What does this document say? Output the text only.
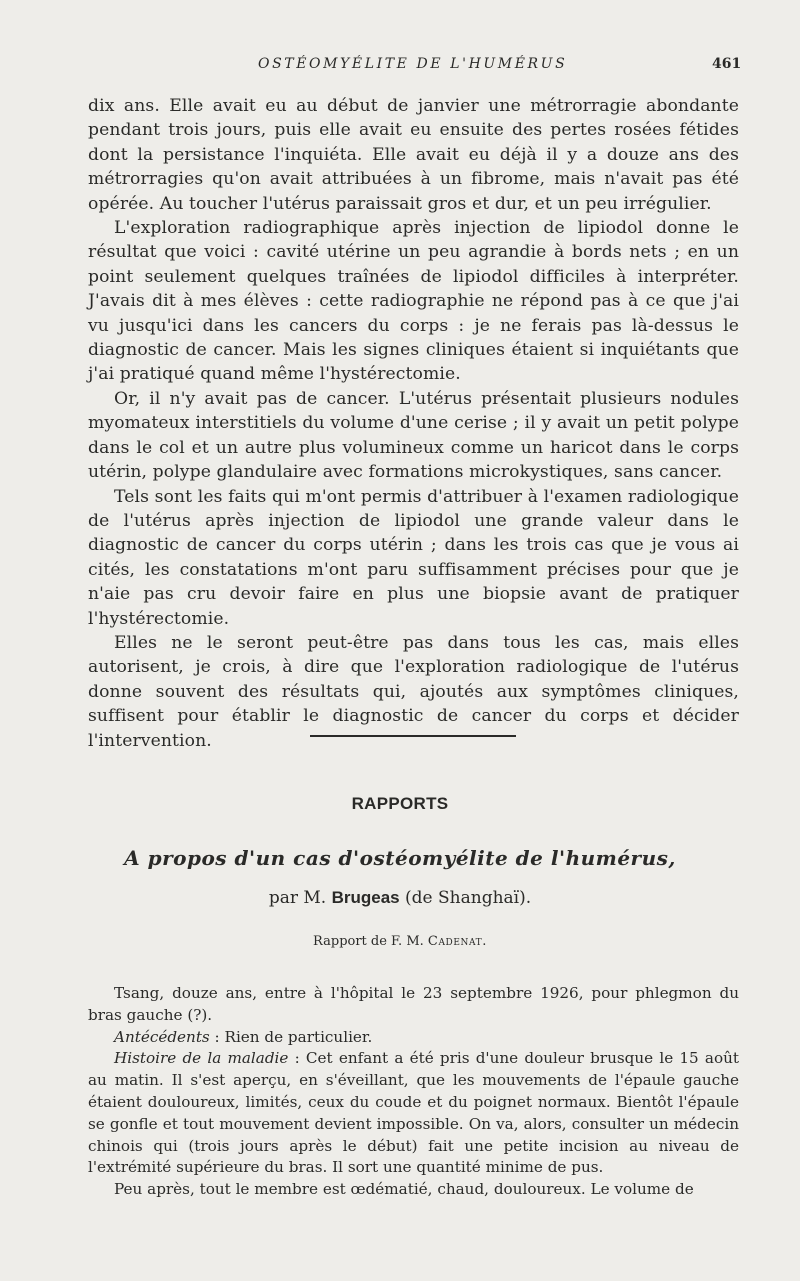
OSTÉOMYÉLITE DE L'HUMÉRUS	461

dix ans. Elle avait eu au début de janvier une métrorragie abondante pendant trois jours, puis elle avait eu ensuite des pertes rosées fétides dont la persistance l'inquiéta. Elle avait eu déjà il y a douze ans des métrorragies qu'on avait attribuées à un fibrome, mais n'avait pas été opérée. Au toucher l'utérus paraissait gros et dur, et un peu irrégulier.

L'exploration radiographique après injection de lipiodol donne le résultat que voici : cavité utérine un peu agrandie à bords nets ; en un point seulement quelques traînées de lipiodol difficiles à interpréter. J'avais dit à mes élèves : cette radiographie ne répond pas à ce que j'ai vu jusqu'ici dans les cancers du corps : je ne ferais pas là-dessus le diagnostic de cancer. Mais les signes cliniques étaient si inquiétants que j'ai pratiqué quand même l'hystérectomie.

Or, il n'y avait pas de cancer. L'utérus présentait plusieurs nodules myomateux interstitiels du volume d'une cerise ; il y avait un petit polype dans le col et un autre plus volumineux comme un haricot dans le corps utérin, polype glandulaire avec formations microkystiques, sans cancer.

Tels sont les faits qui m'ont permis d'attribuer à l'examen radiologique de l'utérus après injection de lipiodol une grande valeur dans le diagnostic de cancer du corps utérin ; dans les trois cas que je vous ai cités, les constatations m'ont paru suffisamment précises pour que je n'aie pas cru devoir faire en plus une biopsie avant de pratiquer l'hystérectomie.

Elles ne le seront peut-être pas dans tous les cas, mais elles autorisent, je crois, à dire que l'exploration radiologique de l'utérus donne souvent des résultats qui, ajoutés aux symptômes cliniques, suffisent pour établir le diagnostic de cancer du corps et décider l'intervention.

RAPPORTS
A propos d'un cas d'ostéomyélite de l'humérus,
par M. Brugeas (de Shanghaï).
Rapport de F. M. Cadenat.

Tsang, douze ans, entre à l'hôpital le 23 septembre 1926, pour phlegmon du bras gauche (?).

Antécédents : Rien de particulier.

Histoire de la maladie : Cet enfant a été pris d'une douleur brusque le 15 août au matin. Il s'est aperçu, en s'éveillant, que les mouvements de l'épaule gauche étaient douloureux, limités, ceux du coude et du poignet normaux. Bientôt l'épaule se gonfle et tout mouvement devient impossible. On va, alors, consulter un médecin chinois qui (trois jours après le début) fait une petite incision au niveau de l'extrémité supérieure du bras. Il sort une quantité minime de pus.

Peu après, tout le membre est œdématié, chaud, douloureux. Le volume de
